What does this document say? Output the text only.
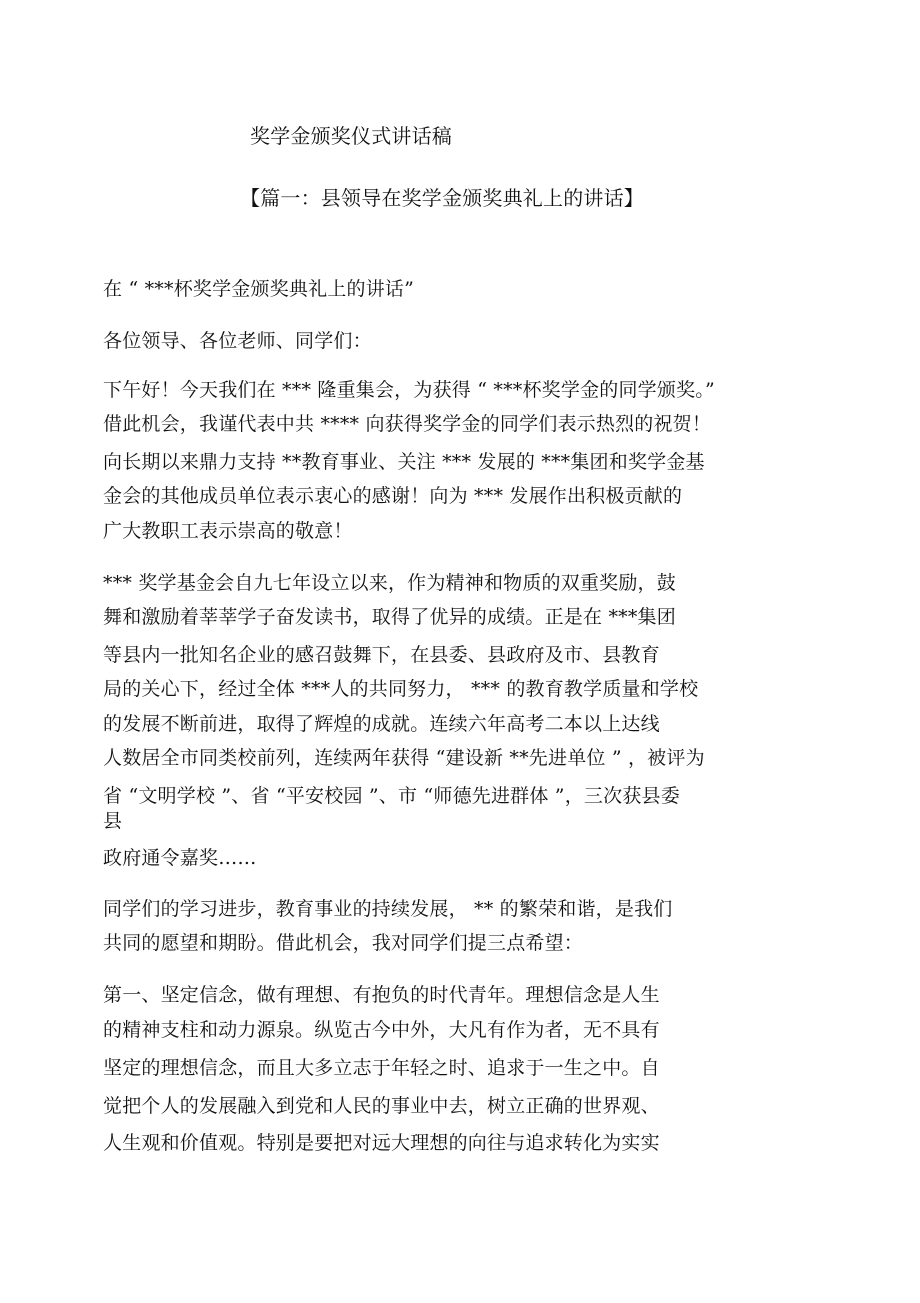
奖学金颁奖仪式讲话稿
【篇一：县领导在奖学金颁奖典礼上的讲话】
在 “ ***杯奖学金颁奖典礼上的讲话”
各位领导、各位老师、同学们：
下午好！今天我们在 *** 隆重集会，为获得 “ ***杯奖学金的同学颁奖。”
借此机会，我谨代表中共 **** 向获得奖学金的同学们表示热烈的祝贺！
向长期以来鼎力支持 **教育事业、关注 *** 发展的 ***集团和奖学金基
金会的其他成员单位表示衷心的感谢！向为 *** 发展作出积极贡献的
广大教职工表示崇高的敬意！
*** 奖学基金会自九七年设立以来，作为精神和物质的双重奖励，鼓
舞和激励着莘莘学子奋发读书，取得了优异的成绩。正是在 ***集团
等县内一批知名企业的感召鼓舞下，在县委、县政府及市、县教育
局的关心下，经过全体 ***人的共同努力， *** 的教育教学质量和学校
的发展不断前进，取得了辉煌的成就。连续六年高考二本以上达线
人数居全市同类校前列，连续两年获得 “建设新 **先进单位 ” ，被评为
省 “文明学校 ”、省 “平安校园 ”、市 “师德先进群体 ”，三次获县委
县
政府通令嘉奖……
同学们的学习进步，教育事业的持续发展， ** 的繁荣和谐，是我们
共同的愿望和期盼。借此机会，我对同学们提三点希望：
第一、坚定信念，做有理想、有抱负的时代青年。理想信念是人生
的精神支柱和动力源泉。纵览古今中外，大凡有作为者，无不具有
坚定的理想信念，而且大多立志于年轻之时、追求于一生之中。自
觉把个人的发展融入到党和人民的事业中去，树立正确的世界观、
人生观和价值观。特别是要把对远大理想的向往与追求转化为实实
